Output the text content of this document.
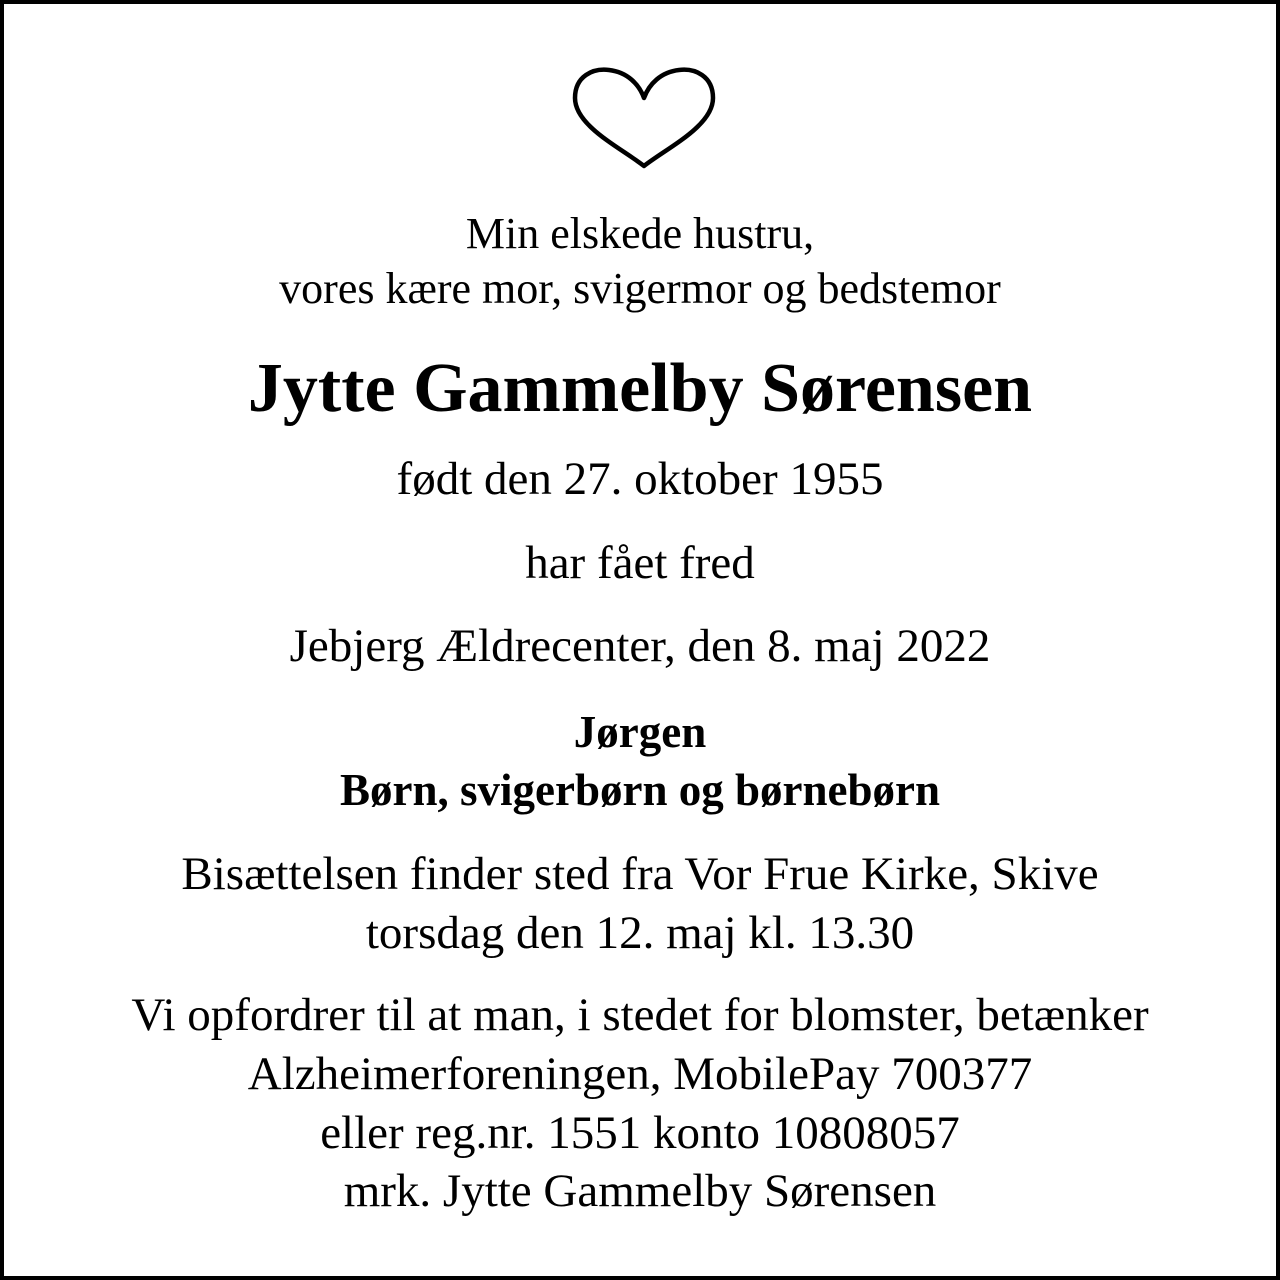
Min elskede hustru,
vores kære mor, svigermor og bedstemor
Jytte Gammelby Sørensen
født den 27. oktober 1955
har fået fred
Jebjerg Ældrecenter, den 8. maj 2022
Jørgen
Børn, svigerbørn og børnebørn
Bisættelsen finder sted fra Vor Frue Kirke, Skive
torsdag den 12. maj kl. 13.30
Vi opfordrer til at man, i stedet for blomster, betænker
Alzheimerforeningen, MobilePay 700377
eller reg.nr. 1551 konto 10808057
mrk. Jytte Gammelby Sørensen
